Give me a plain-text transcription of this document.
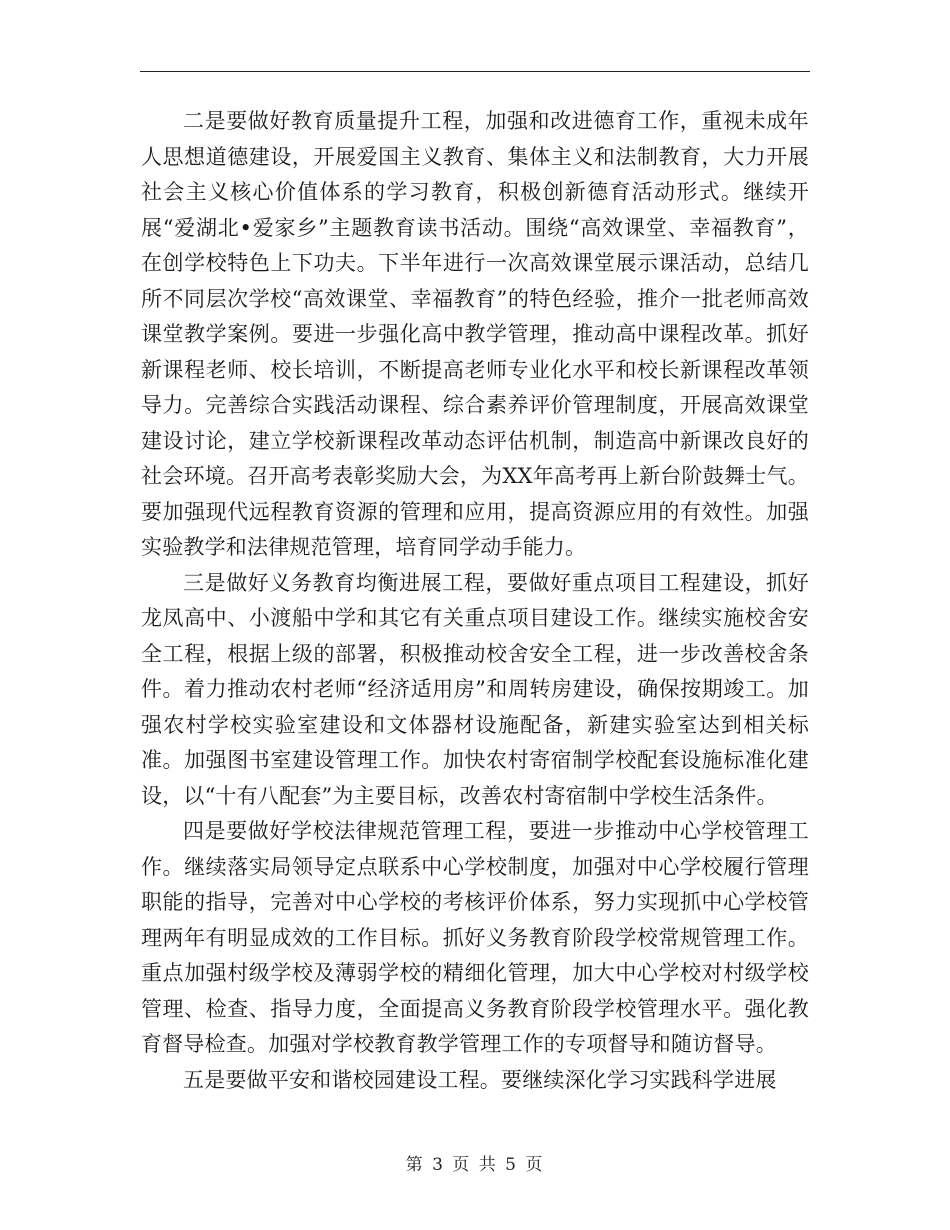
二是要做好教育质量提升工程，加强和改进德育工作，重视未成年人思想道德建设，开展爱国主义教育、集体主义和法制教育，大力开展社会主义核心价值体系的学习教育，积极创新德育活动形式。继续开展“爱湖北•爱家乡”主题教育读书活动。围绕“高效课堂、幸福教育”，在创学校特色上下功夫。下半年进行一次高效课堂展示课活动，总结几所不同层次学校“高效课堂、幸福教育”的特色经验，推介一批老师高效课堂教学案例。要进一步强化高中教学管理，推动高中课程改革。抓好新课程老师、校长培训，不断提高老师专业化水平和校长新课程改革领导力。完善综合实践活动课程、综合素养评价管理制度，开展高效课堂建设讨论，建立学校新课程改革动态评估机制，制造高中新课改良好的社会环境。召开高考表彰奖励大会，为XX年高考再上新台阶鼓舞士气。要加强现代远程教育资源的管理和应用，提高资源应用的有效性。加强实验教学和法律规范管理，培育同学动手能力。

三是做好义务教育均衡进展工程，要做好重点项目工程建设，抓好龙凤高中、小渡船中学和其它有关重点项目建设工作。继续实施校舍安全工程，根据上级的部署，积极推动校舍安全工程，进一步改善校舍条件。着力推动农村老师“经济适用房”和周转房建设，确保按期竣工。加强农村学校实验室建设和文体器材设施配备，新建实验室达到相关标准。加强图书室建设管理工作。加快农村寄宿制学校配套设施标准化建设，以“十有八配套”为主要目标，改善农村寄宿制中学校生活条件。

四是要做好学校法律规范管理工程，要进一步推动中心学校管理工作。继续落实局领导定点联系中心学校制度，加强对中心学校履行管理职能的指导，完善对中心学校的考核评价体系，努力实现抓中心学校管理两年有明显成效的工作目标。抓好义务教育阶段学校常规管理工作。重点加强村级学校及薄弱学校的精细化管理，加大中心学校对村级学校管理、检查、指导力度，全面提高义务教育阶段学校管理水平。强化教育督导检查。加强对学校教育教学管理工作的专项督导和随访督导。

五是要做平安和谐校园建设工程。要继续深化学习实践科学进展

第 3 页 共 5 页
